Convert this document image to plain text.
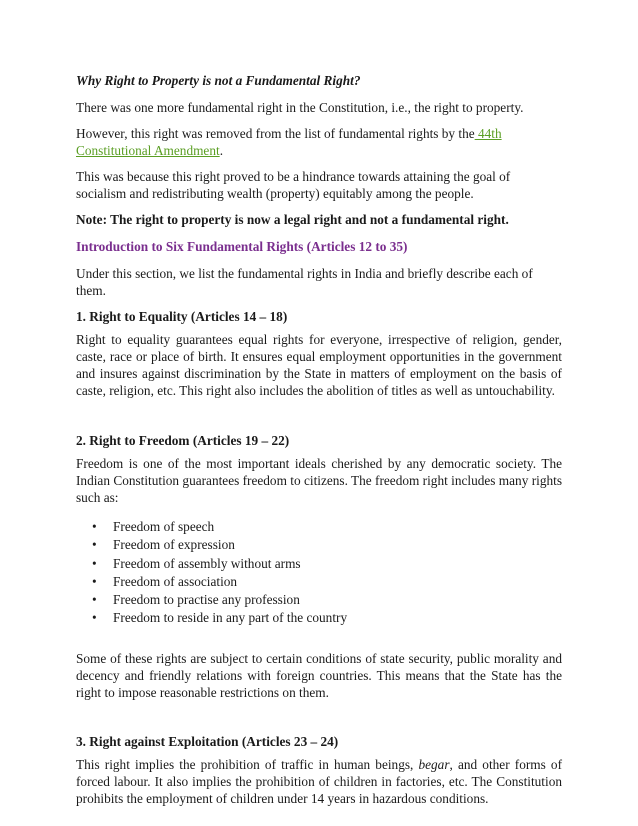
Why Right to Property is not a Fundamental Right?

There was one more fundamental right in the Constitution, i.e., the right to property.

However, this right was removed from the list of fundamental rights by the 44th Constitutional Amendment.

This was because this right proved to be a hindrance towards attaining the goal of socialism and redistributing wealth (property) equitably among the people.

Note: The right to property is now a legal right and not a fundamental right.

Introduction to Six Fundamental Rights (Articles 12 to 35)

Under this section, we list the fundamental rights in India and briefly describe each of them.

1. Right to Equality (Articles 14 – 18)

Right to equality guarantees equal rights for everyone, irrespective of religion, gender, caste, race or place of birth. It ensures equal employment opportunities in the government and insures against discrimination by the State in matters of employment on the basis of caste, religion, etc. This right also includes the abolition of titles as well as untouchability.

2. Right to Freedom (Articles 19 – 22)

Freedom is one of the most important ideals cherished by any democratic society. The Indian Constitution guarantees freedom to citizens. The freedom right includes many rights such as:

• Freedom of speech
• Freedom of expression
• Freedom of assembly without arms
• Freedom of association
• Freedom to practise any profession
• Freedom to reside in any part of the country

Some of these rights are subject to certain conditions of state security, public morality and decency and friendly relations with foreign countries. This means that the State has the right to impose reasonable restrictions on them.

3. Right against Exploitation (Articles 23 – 24)

This right implies the prohibition of traffic in human beings, begar, and other forms of forced labour. It also implies the prohibition of children in factories, etc. The Constitution prohibits the employment of children under 14 years in hazardous conditions.
